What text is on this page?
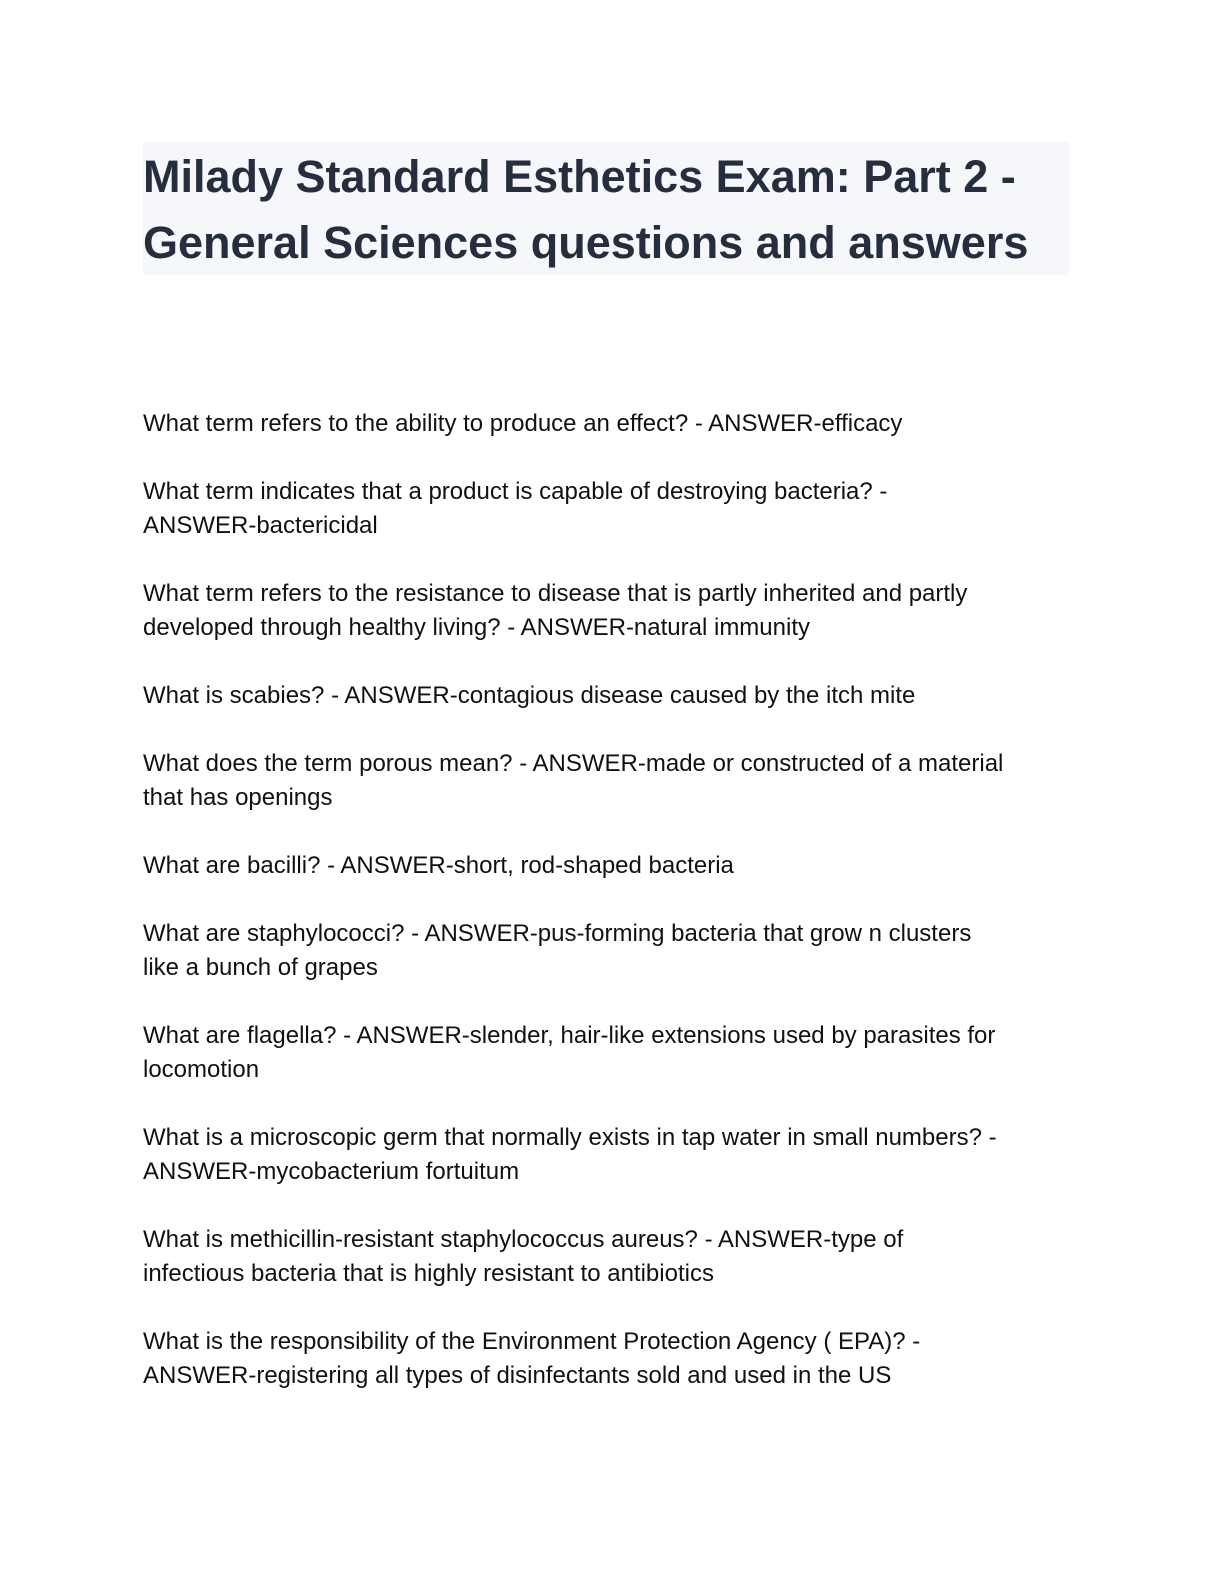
Milady Standard Esthetics Exam: Part 2 -
General Sciences questions and answers
What term refers to the ability to produce an effect? - ANSWER-efficacy
What term indicates that a product is capable of destroying bacteria? -
ANSWER-bactericidal
What term refers to the resistance to disease that is partly inherited and partly
developed through healthy living? - ANSWER-natural immunity
What is scabies? - ANSWER-contagious disease caused by the itch mite
What does the term porous mean? - ANSWER-made or constructed of a material
that has openings
What are bacilli? - ANSWER-short, rod-shaped bacteria
What are staphylococci? - ANSWER-pus-forming bacteria that grow n clusters
like a bunch of grapes
What are flagella? - ANSWER-slender, hair-like extensions used by parasites for
locomotion
What is a microscopic germ that normally exists in tap water in small numbers? -
ANSWER-mycobacterium fortuitum
What is methicillin-resistant staphylococcus aureus? - ANSWER-type of
infectious bacteria that is highly resistant to antibiotics
What is the responsibility of the Environment Protection Agency ( EPA)? -
ANSWER-registering all types of disinfectants sold and used in the US
